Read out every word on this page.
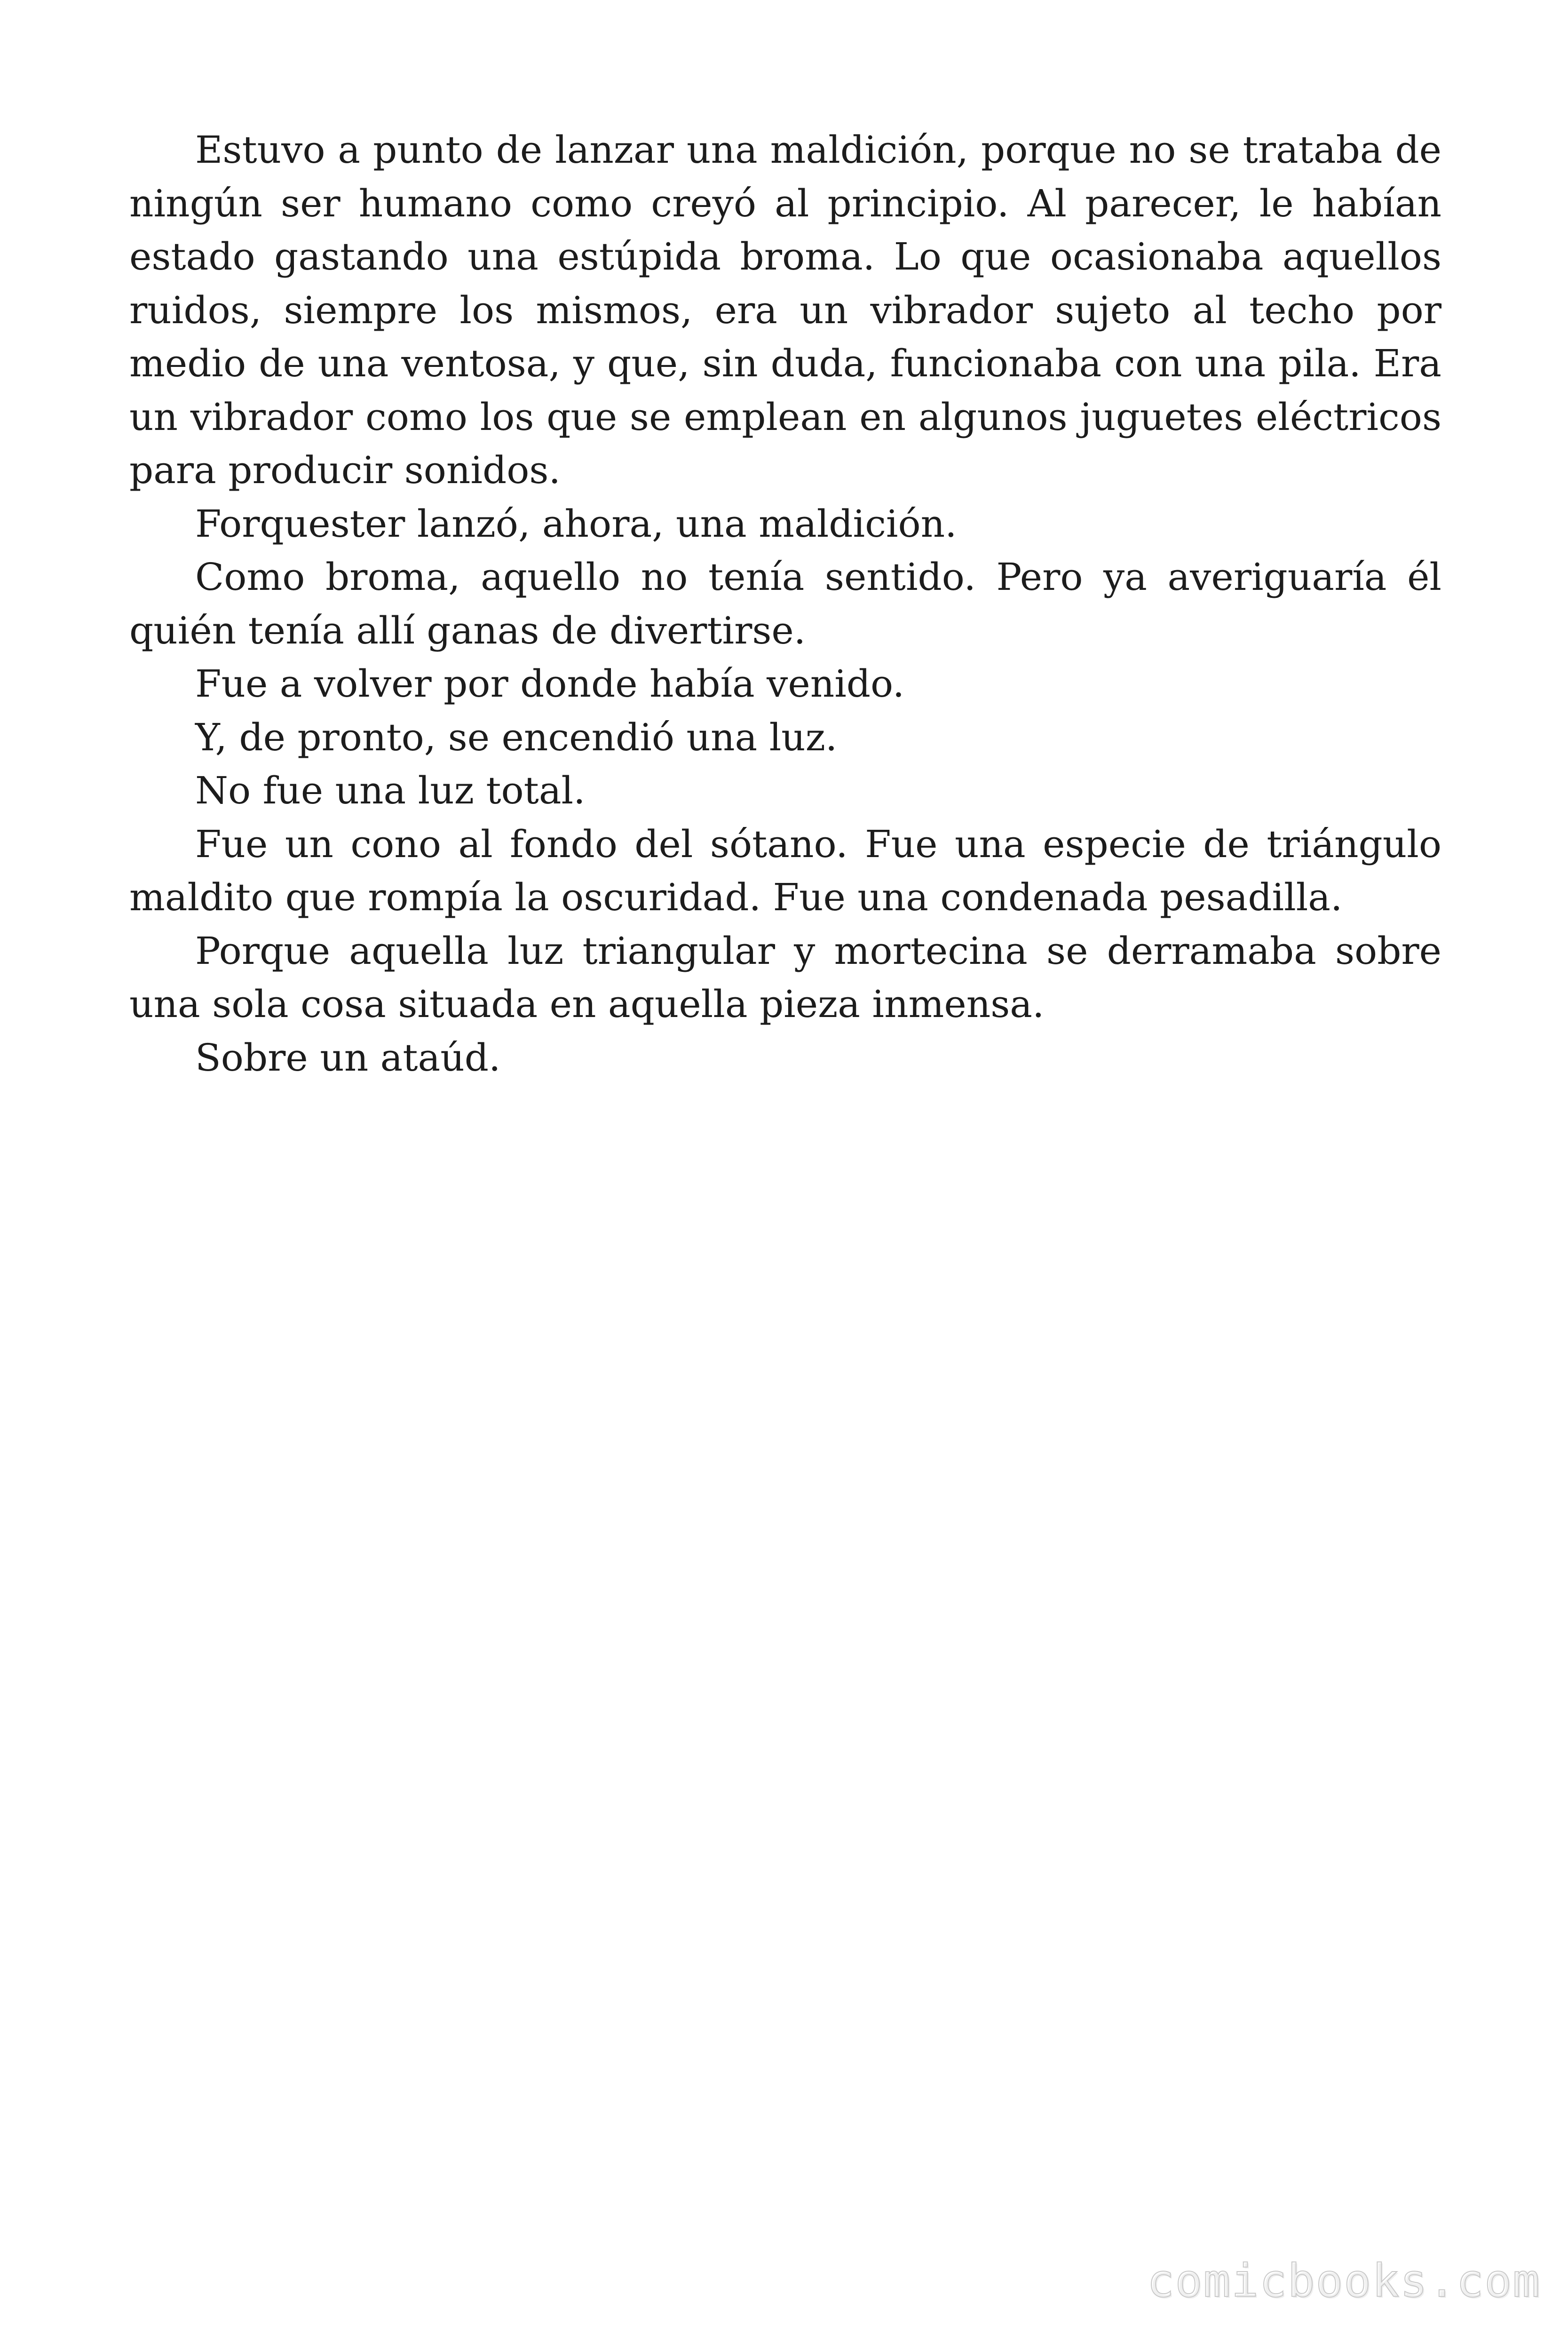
Estuvo a punto de lanzar una maldición, porque no se trataba de ningún ser humano como creyó al principio. Al parecer, le habían estado gastando una estúpida broma. Lo que ocasionaba aquellos ruidos, siempre los mismos, era un vibrador sujeto al techo por medio de una ventosa, y que, sin duda, funcionaba con una pila. Era un vibrador como los que se emplean en algunos juguetes eléctricos para producir sonidos.

Forquester lanzó, ahora, una maldición.

Como broma, aquello no tenía sentido. Pero ya averiguaría él quién tenía allí ganas de divertirse.

Fue a volver por donde había venido.

Y, de pronto, se encendió una luz.

No fue una luz total.

Fue un cono al fondo del sótano. Fue una especie de triángulo maldito que rompía la oscuridad. Fue una condenada pesadilla.

Porque aquella luz triangular y mortecina se derramaba sobre una sola cosa situada en aquella pieza inmensa.

Sobre un ataúd.

comicbooks.com
